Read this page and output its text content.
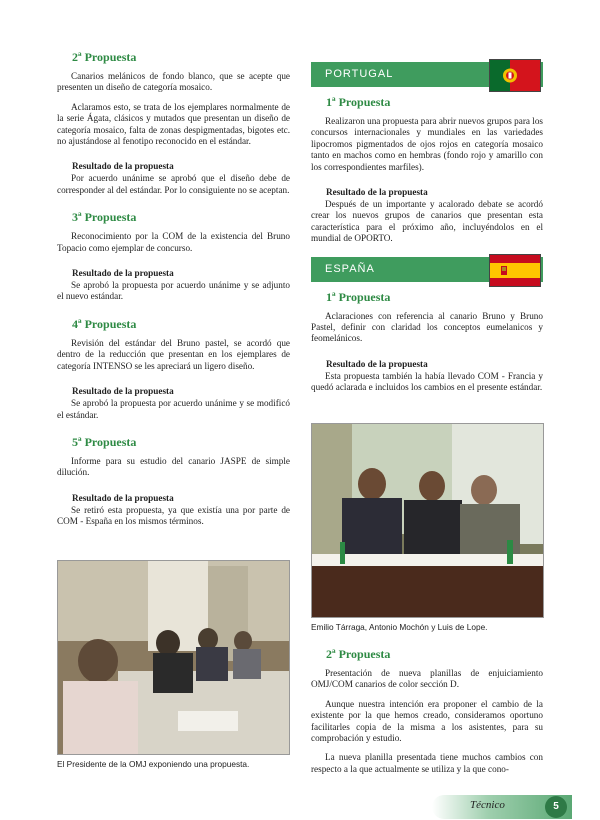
2ª Propuesta

Canarios melánicos de fondo blanco, que se acepte que presenten un diseño de categoría mosaico.

Aclaramos esto, se trata de los ejemplares normalmente de la serie Ágata, clásicos y mutados que presentan un diseño de categoría mosaico, falta de zonas despigmentadas, bigotes etc. no ajustándose al fenotipo reconocido en el estándar.

Resultado de la propuesta

Por acuerdo unánime se aprobó que el diseño debe de corresponder al del estándar. Por lo consiguiente no se aceptan.

3ª Propuesta

Reconocimiento por la COM de la existencia del Bruno Topacio como ejemplar de concurso.

Resultado de la propuesta

Se aprobó la propuesta por acuerdo unánime y se adjunto el nuevo estándar.

4ª Propuesta

Revisión del estándar del Bruno pastel, se acordó que dentro de la reducción que presentan en los ejemplares de categoría INTENSO se les apreciará un ligero diseño.

Resultado de la propuesta

Se aprobó la propuesta por acuerdo unánime y se modificó el estándar.

5ª Propuesta

Informe para su estudio del canario JASPE de simple dilución.

Resultado de la propuesta

Se retiró esta propuesta, ya que existía una por parte de COM - España en los mismos términos.

El Presidente de la OMJ exponiendo una propuesta.
PORTUGAL
1ª Propuesta

Realizaron una propuesta para abrir nuevos grupos para los concursos internacionales y mundiales en las variedades lipocromos pigmentados de ojos rojos en categoría mosaico tanto en machos como en hembras (fondo rojo y amarillo con los correspondientes marfiles).

Resultado de la propuesta

Después de un importante y acalorado debate se acordó crear los nuevos grupos de canarios que presentan esta característica para el próximo año, incluyéndolos en el mundial de OPORTO.

ESPAÑA
1ª Propuesta

Aclaraciones con referencia al canario Bruno y Bruno Pastel, definir con claridad los conceptos eumelanicos y feomelánicos.

Resultado de la propuesta

Esta propuesta también la había llevado COM - Francia y quedó aclarada e incluidos los cambios en el presente estándar.

Emilio Tárraga, Antonio Mochón y Luis de Lope.
2ª Propuesta

Presentación de nueva planillas de enjuiciamiento OMJ/COM canarios de color sección D.

Aunque nuestra intención era proponer el cambio de la existente por la que hemos creado, consideramos oportuno facilitarles copia de la misma a los asistentes, para su comprobación y estudio.

La nueva planilla presentada tiene muchos cambios con respecto a la que actualmente se utiliza y la que cono-

Técnico	5
